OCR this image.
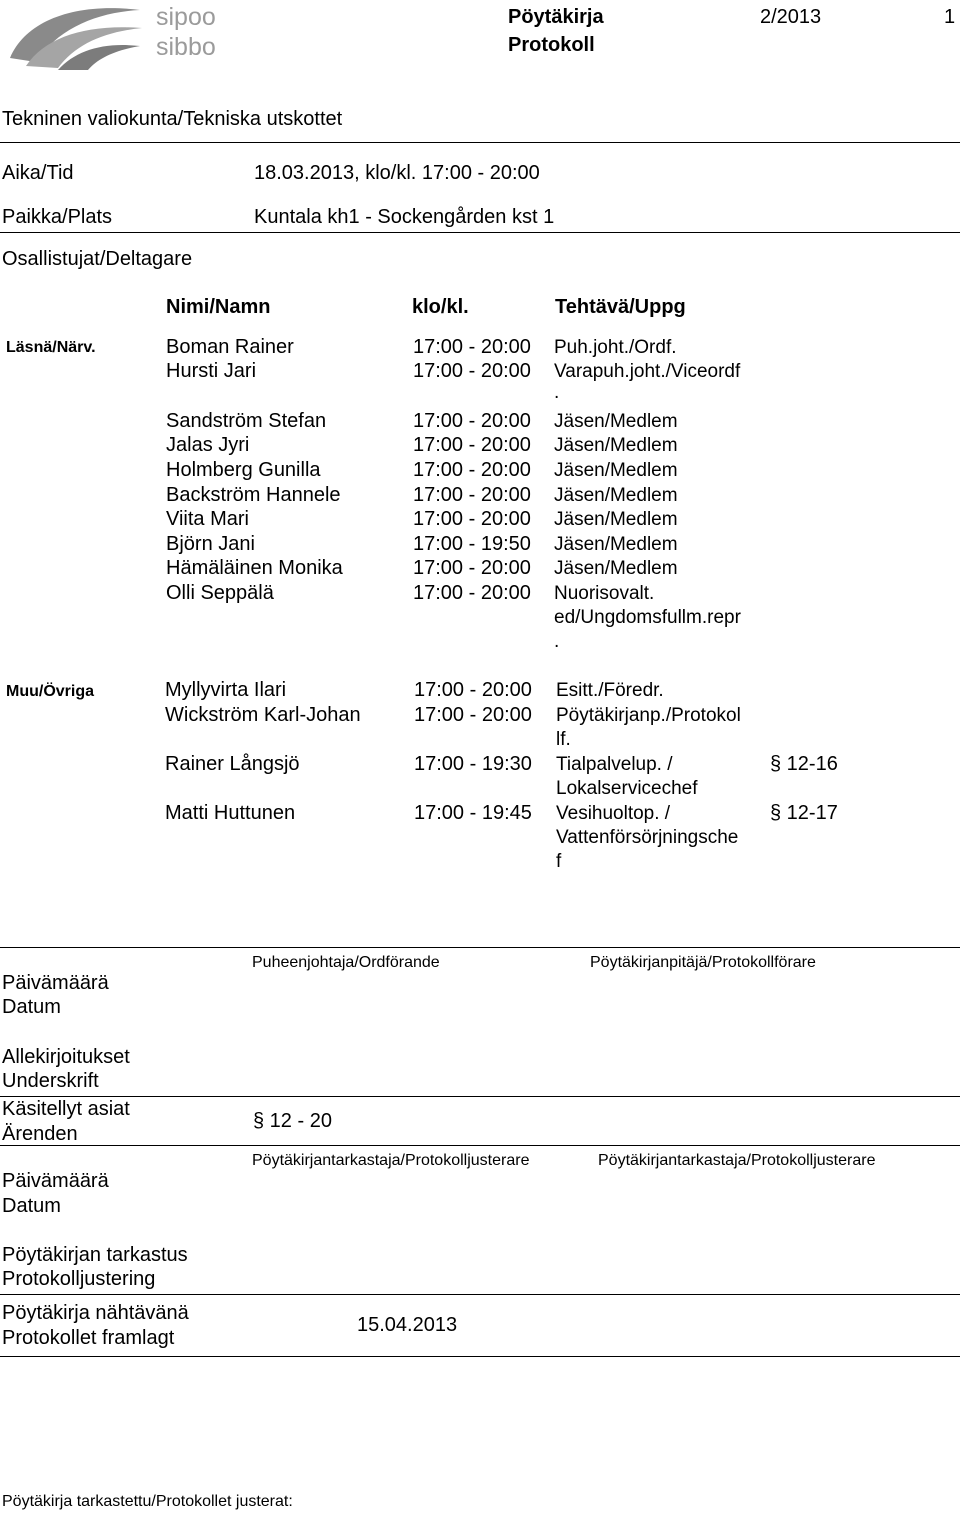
sipoo
sibbo
Pöytäkirja
Protokoll
2/2013	1
Tekninen valiokunta/Tekniska utskottet
Aika/Tid	18.03.2013, klo/kl. 17:00 - 20:00
Paikka/Plats	Kuntala kh1 - Sockengården kst 1
Osallistujat/Deltagare
Nimi/Namn	klo/kl.	Tehtävä/Uppg
Läsnä/Närv.	Boman Rainer	17:00 - 20:00 Puh.joht./Ordf.
Hursti Jari	17:00 - 20:00 Varapuh.joht./Viceordf
.
Sandström Stefan	17:00 - 20:00 Jäsen/Medlem
Jalas Jyri	17:00 - 20:00 Jäsen/Medlem
Holmberg Gunilla	17:00 - 20:00 Jäsen/Medlem
Backström Hannele	17:00 - 20:00 Jäsen/Medlem
Viita Mari	17:00 - 20:00 Jäsen/Medlem
Björn Jani	17:00 - 19:50 Jäsen/Medlem
Hämäläinen Monika	17:00 - 20:00 Jäsen/Medlem
Olli Seppälä	17:00 - 20:00 Nuorisovalt.
ed/Ungdomsfullm.repr
.
Muu/Övriga	Myllyvirta Ilari	17:00 - 20:00 Esitt./Föredr.
Wickström Karl-Johan	17:00 - 20:00 Pöytäkirjanp./Protokol
lf.
Rainer Långsjö	17:00 - 19:30 Tialpalvelup. /
Lokalservicechef
§ 12-16
Matti Huttunen	17:00 - 19:45 Vesihuoltop. /
Vattenförsörjningsche
f
§ 12-17
Päivämäärä
Datum
Puheenjohtaja/Ordförande	Pöytäkirjanpitäjä/Protokollförare
Allekirjoitukset
Underskrift
Käsitellyt asiat
Ärenden
§ 12 - 20
Päivämäärä
Datum
Pöytäkirjantarkastaja/Protokolljusterare	Pöytäkirjantarkastaja/Protokolljusterare
Pöytäkirjan tarkastus
Protokolljustering
Pöytäkirja nähtävänä
Protokollet framlagt
15.04.2013
Pöytäkirja tarkastettu/Protokollet justerat:
